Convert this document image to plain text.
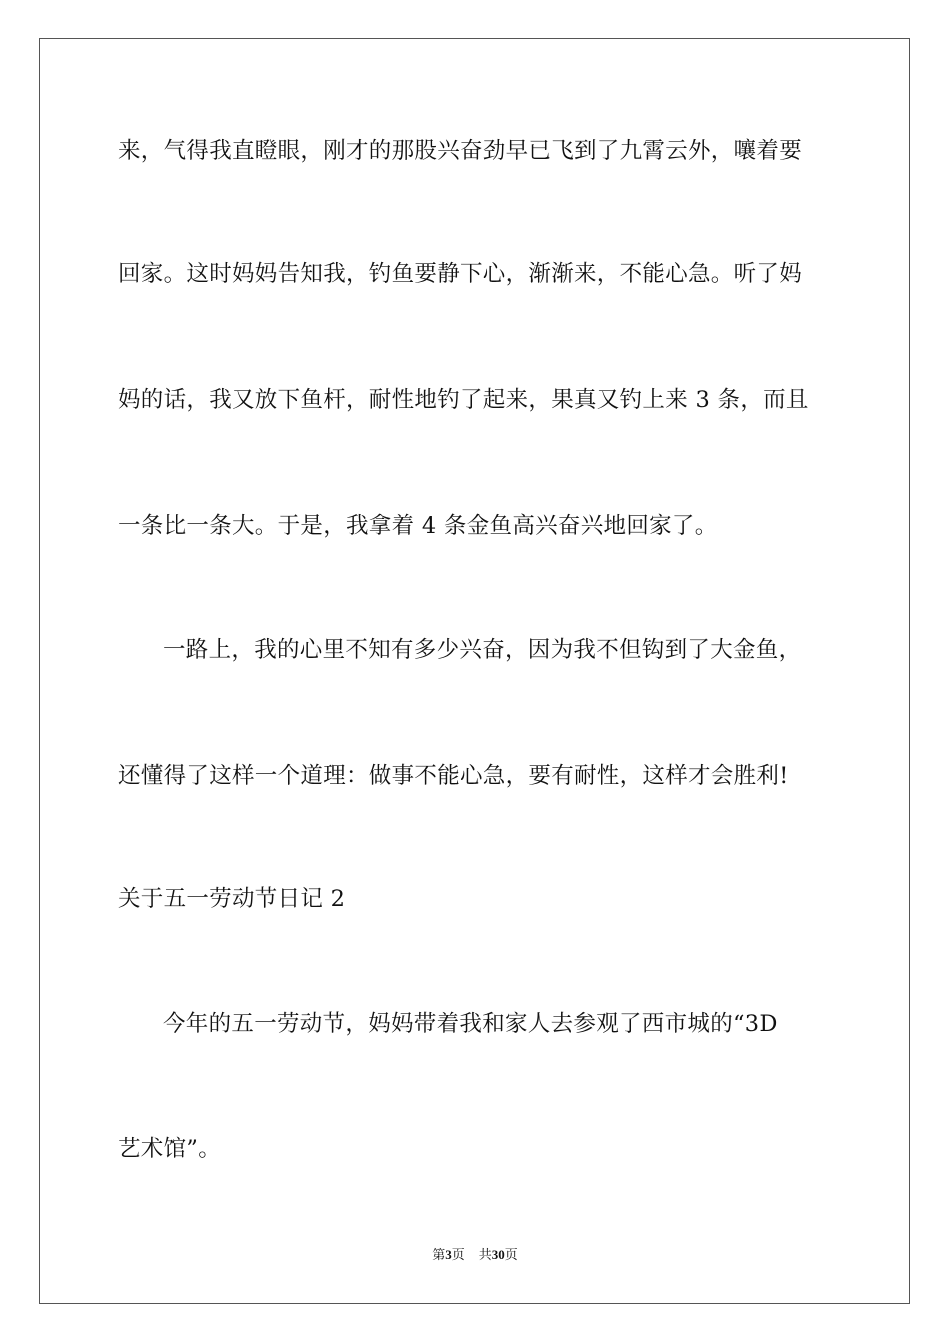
来，气得我直瞪眼，刚才的那股兴奋劲早已飞到了九霄云外，嚷着要
回家。这时妈妈告知我，钓鱼要静下心，渐渐来，不能心急。听了妈
妈的话，我又放下鱼杆，耐性地钓了起来，果真又钓上来 3 条，而且
一条比一条大。于是，我拿着 4 条金鱼高兴奋兴地回家了。
一路上，我的心里不知有多少兴奋，因为我不但钩到了大金鱼，
还懂得了这样一个道理：做事不能心急，要有耐性，这样才会胜利!
关于五一劳动节日记 2
今年的五一劳动节，妈妈带着我和家人去参观了西市城的“3D
艺术馆”。
第3页 共30页
